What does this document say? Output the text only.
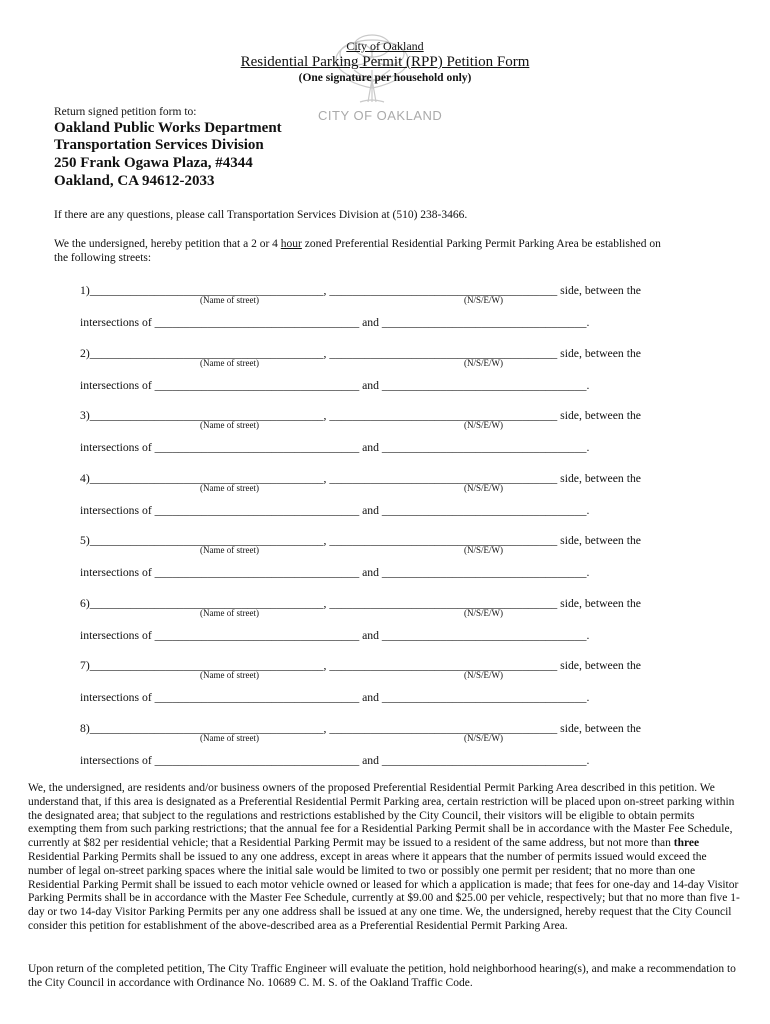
CITY OF OAKLAND
City of Oakland
Residential Parking Permit (RPP) Petition Form
(One signature per household only)
Return signed petition form to:
Oakland Public Works Department
Transportation Services Division
250 Frank Ogawa Plaza, #4344
Oakland, CA 94612-2033
If there are any questions, please call Transportation Services Division at (510) 238-3466.
We the undersigned, hereby petition that a 2 or 4 hour zoned Preferential Residential Parking Permit Parking Area be established on
the following streets:
1)________________________________________, _______________________________________ side, between the
(Name of street)	(N/S/E/W)
intersections of ___________________________________ and ___________________________________.
2)________________________________________, _______________________________________ side, between the
(Name of street)	(N/S/E/W)
intersections of ___________________________________ and ___________________________________.
3)________________________________________, _______________________________________ side, between the
(Name of street)	(N/S/E/W)
intersections of ___________________________________ and ___________________________________.
4)________________________________________, _______________________________________ side, between the
(Name of street)	(N/S/E/W)
intersections of ___________________________________ and ___________________________________.
5)________________________________________, _______________________________________ side, between the
(Name of street)	(N/S/E/W)
intersections of ___________________________________ and ___________________________________.
6)________________________________________, _______________________________________ side, between the
(Name of street)	(N/S/E/W)
intersections of ___________________________________ and ___________________________________.
7)________________________________________, _______________________________________ side, between the
(Name of street)	(N/S/E/W)
intersections of ___________________________________ and ___________________________________.
8)________________________________________, _______________________________________ side, between the
(Name of street)	(N/S/E/W)
intersections of ___________________________________ and ___________________________________.
We, the undersigned, are residents and/or business owners of the proposed Preferential Residential Permit Parking Area described in this petition. We understand that, if this area is designated as a Preferential Residential Permit Parking area, certain restriction will be placed upon on-street parking within the designated area; that subject to the regulations and restrictions established by the City Council, their visitors will be eligible to obtain permits exempting them from such parking restrictions; that the annual fee for a Residential Parking Permit shall be in accordance with the Master Fee Schedule, currently at $82 per residential vehicle; that a Residential Parking Permit may be issued to a resident of the same address, but not more than three Residential Parking Permits shall be issued to any one address, except in areas where it appears that the number of permits issued would exceed the number of legal on-street parking spaces where the initial sale would be limited to two or possibly one permit per resident; that no more than one Residential Parking Permit shall be issued to each motor vehicle owned or leased for which a application is made; that fees for one-day and 14-day Visitor Parking Permits shall be in accordance with the Master Fee Schedule, currently at $9.00 and $25.00 per vehicle, respectively; but that no more than five 1-day or two 14-day Visitor Parking Permits per any one address shall be issued at any one time. We, the undersigned, hereby request that the City Council consider this petition for establishment of the above-described area as a Preferential Residential Permit Parking Area.
Upon return of the completed petition, The City Traffic Engineer will evaluate the petition, hold neighborhood hearing(s), and make a recommendation to the City Council in accordance with Ordinance No. 10689 C. M. S. of the Oakland Traffic Code.
